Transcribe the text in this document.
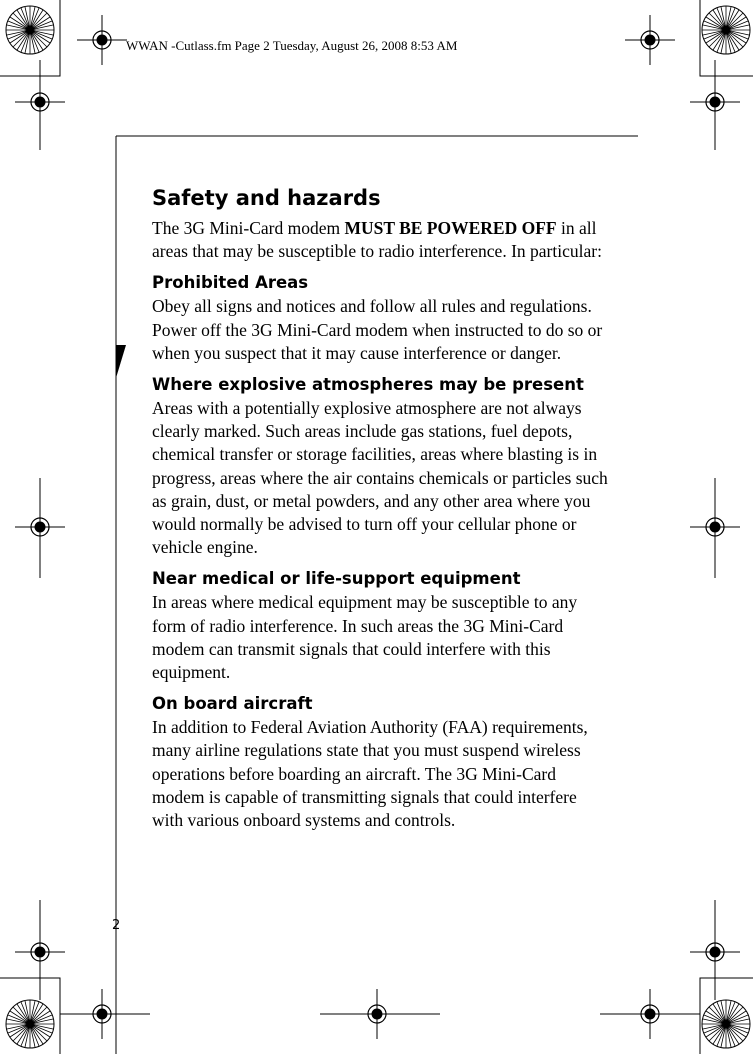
WWAN -Cutlass.fm Page 2 Tuesday, August 26, 2008 8:53 AM
Safety and hazards

The 3G Mini-Card modem MUST BE POWERED OFF in all areas that may be susceptible to radio interference. In particular:

Prohibited Areas

Obey all signs and notices and follow all rules and regulations. Power off the 3G Mini-Card modem when instructed to do so or when you suspect that it may cause interference or danger.

Where explosive atmospheres may be present

Areas with a potentially explosive atmosphere are not always clearly marked. Such areas include gas stations, fuel depots, chemical transfer or storage facilities, areas where blasting is in progress, areas where the air contains chemicals or particles such as grain, dust, or metal powders, and any other area where you would normally be advised to turn off your cellular phone or vehicle engine.

Near medical or life-support equipment

In areas where medical equipment may be susceptible to any form of radio interference. In such areas the 3G Mini-Card modem can transmit signals that could interfere with this equipment.

On board aircraft

In addition to Federal Aviation Authority (FAA) requirements, many airline regulations state that you must suspend wireless operations before boarding an aircraft. The 3G Mini-Card modem is capable of transmitting signals that could interfere with various onboard systems and controls.

2
